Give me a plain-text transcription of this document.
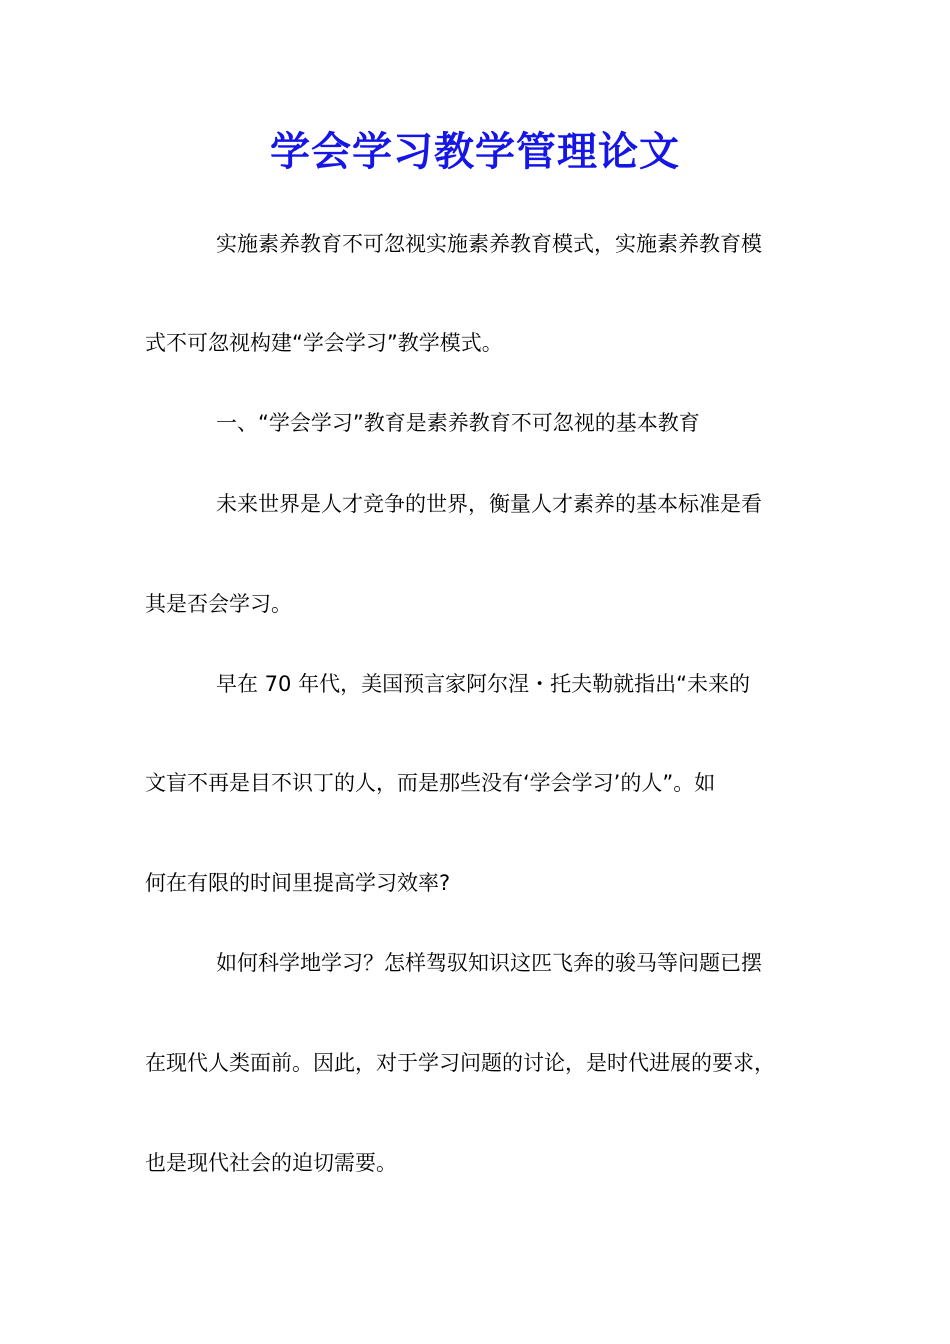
学会学习教学管理论文
实施素养教育不可忽视实施素养教育模式，实施素养教育模
式不可忽视构建“学会学习”教学模式。
一、“学会学习”教育是素养教育不可忽视的基本教育
未来世界是人才竞争的世界，衡量人才素养的基本标准是看
其是否会学习。
早在 70 年代，美国预言家阿尔涅・托夫勒就指出“未来的
文盲不再是目不识丁的人，而是那些没有‘学会学习’的人”。如
何在有限的时间里提高学习效率?
如何科学地学习？怎样驾驭知识这匹飞奔的骏马等问题已摆
在现代人类面前。因此，对于学习问题的讨论，是时代进展的要求，
也是现代社会的迫切需要。
